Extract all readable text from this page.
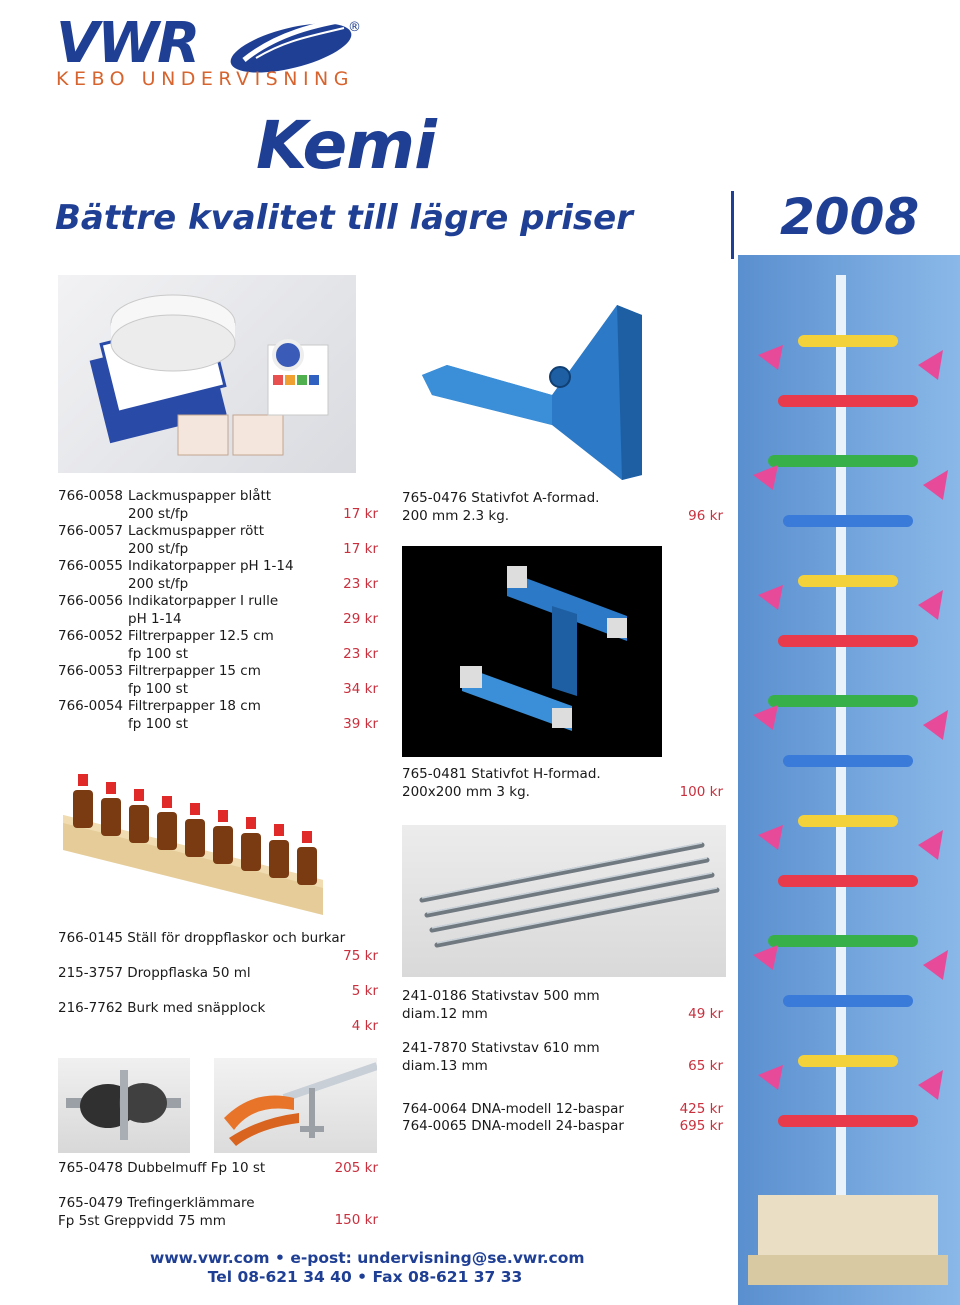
VWR	®
KEBO UNDERVISNING
Kemi
Bättre kvalitet till lägre priser	2008
766-0058 Lackmuspapper blått
200 st/fp	17 kr
766-0057 Lackmuspapper rött
200 st/fp	17 kr
766-0055 Indikatorpapper pH 1-14
200 st/fp	23 kr
766-0056 Indikatorpapper I rulle
pH 1-14	29 kr
766-0052 Filtrerpapper 12.5 cm
fp 100 st	23 kr
766-0053 Filtrerpapper 15 cm
fp 100 st	34 kr
766-0054 Filtrerpapper 18 cm
fp 100 st	39 kr
765-0476 Stativfot A-formad.
200 mm 2.3 kg.	96 kr
765-0481 Stativfot H-formad.
200x200 mm 3 kg.	100 kr
766-0145 Ställ för droppflaskor och burkar
75 kr
215-3757 Droppflaska 50 ml
5 kr
216-7762 Burk med snäpplock
4 kr
241-0186 Stativstav 500 mm
diam.12 mm	49 kr
241-7870 Stativstav 610 mm
diam.13 mm	65 kr
764-0064 DNA-modell 12-baspar	425 kr
764-0065 DNA-modell 24-baspar	695 kr
765-0478 Dubbelmuff Fp 10 st	205 kr
765-0479 Trefingerklämmare
Fp 5st Greppvidd 75 mm	150 kr
www.vwr.com • e-post: undervisning@se.vwr.com
Tel 08-621 34 40 • Fax 08-621 37 33
